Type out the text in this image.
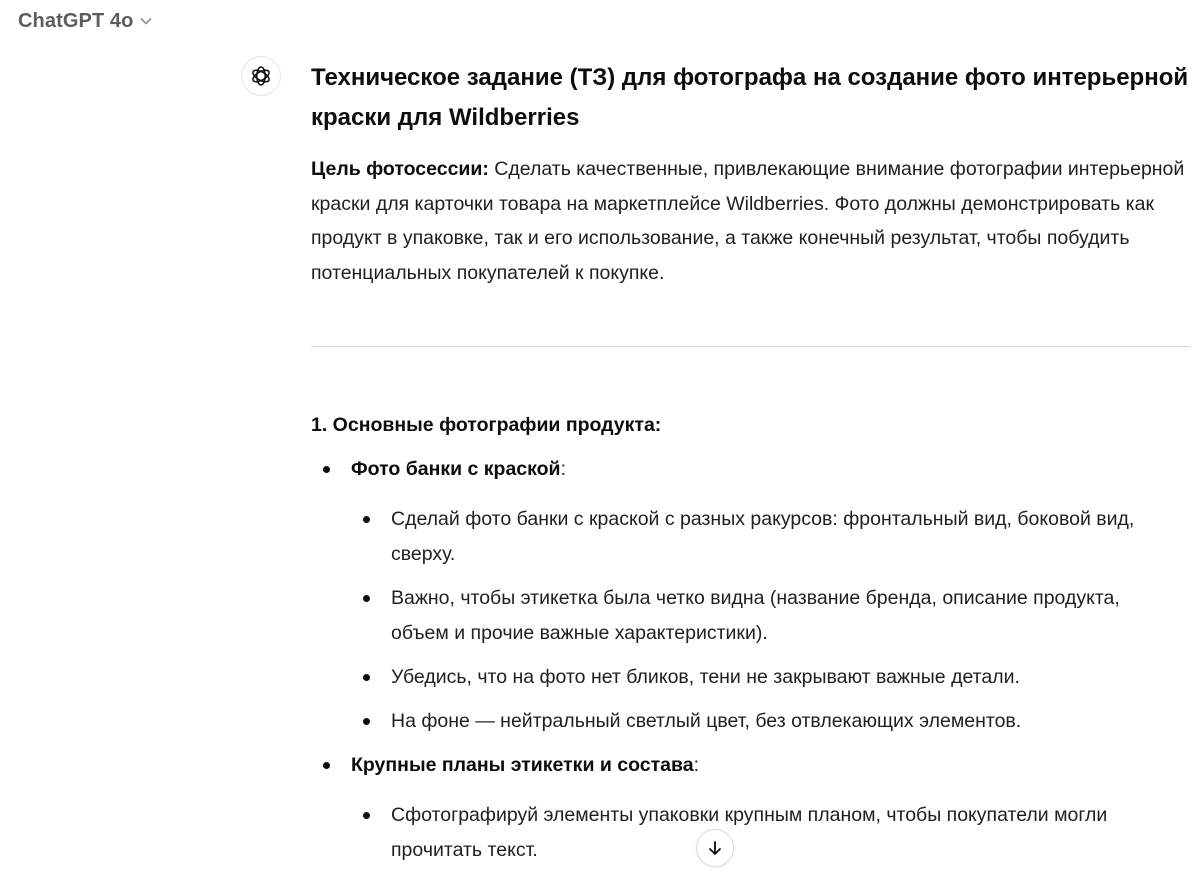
ChatGPT 4o
Техническое задание (ТЗ) для фотографа на создание фото интерьерной краски для Wildberries

Цель фотосессии: Сделать качественные, привлекающие внимание фотографии интерьерной краски для карточки товара на маркетплейсе Wildberries. Фото должны демонстрировать как продукт в упаковке, так и его использование, а также конечный результат, чтобы побудить потенциальных покупателей к покупке.

1. Основные фотографии продукта:
Фото банки с краской:
Сделай фото банки с краской с разных ракурсов: фронтальный вид, боковой вид, сверху.
Важно, чтобы этикетка была четко видна (название бренда, описание продукта, объем и прочие важные характеристики).
Убедись, что на фото нет бликов, тени не закрывают важные детали.
На фоне — нейтральный светлый цвет, без отвлекающих элементов.
Крупные планы этикетки и состава:
Сфотографируй элементы упаковки крупным планом, чтобы покупатели могли прочитать текст.
